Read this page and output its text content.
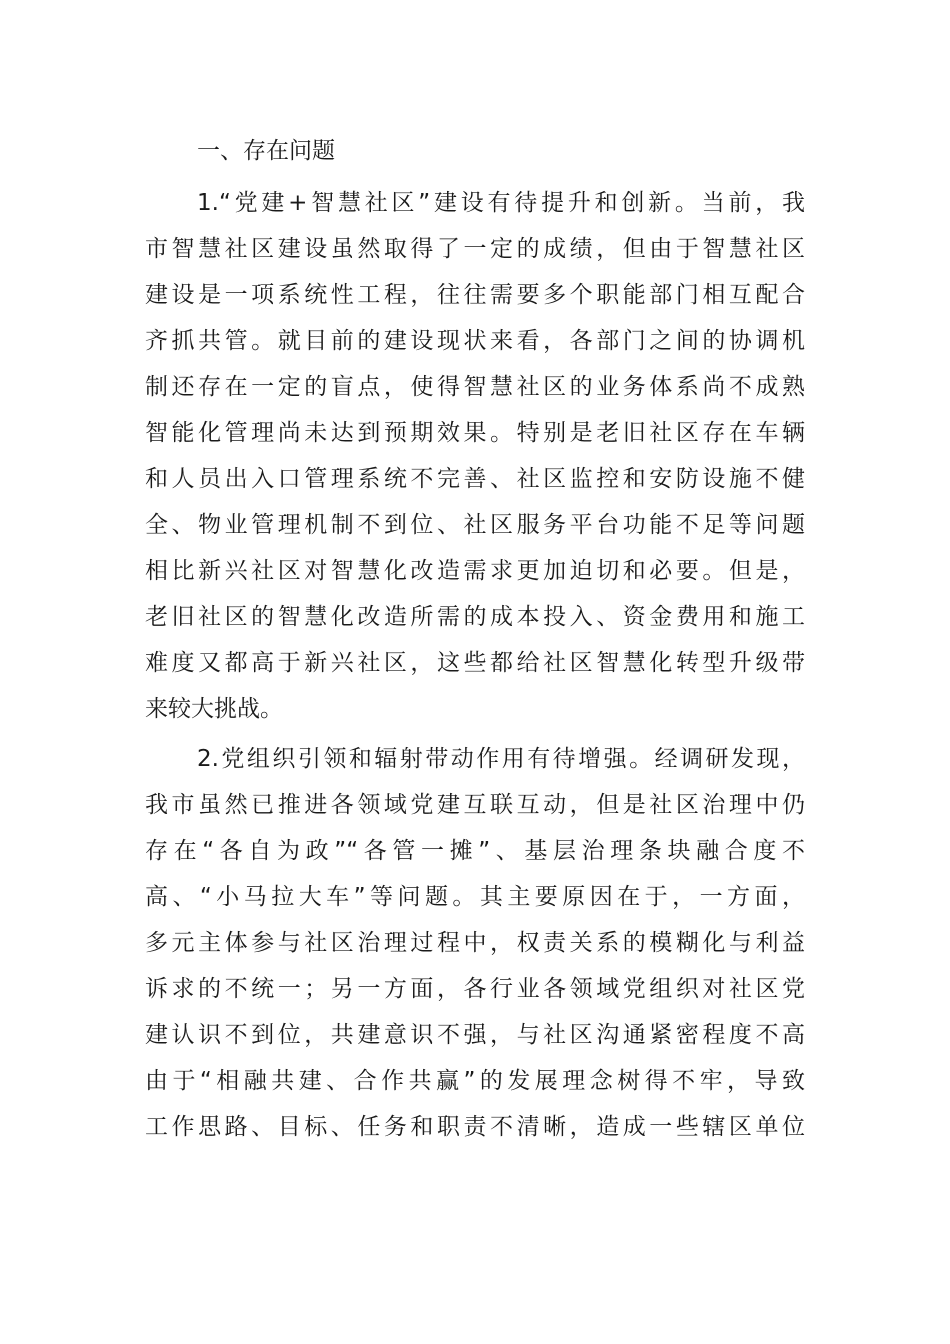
一、存在问题
1.“党建+智慧社区”建设有待提升和创新。当前，我
市智慧社区建设虽然取得了一定的成绩，但由于智慧社区
建设是一项系统性工程，往往需要多个职能部门相互配合
齐抓共管。就目前的建设现状来看，各部门之间的协调机
制还存在一定的盲点，使得智慧社区的业务体系尚不成熟
智能化管理尚未达到预期效果。特别是老旧社区存在车辆
和人员出入口管理系统不完善、社区监控和安防设施不健
全、物业管理机制不到位、社区服务平台功能不足等问题
相比新兴社区对智慧化改造需求更加迫切和必要。但是，
老旧社区的智慧化改造所需的成本投入、资金费用和施工
难度又都高于新兴社区，这些都给社区智慧化转型升级带
来较大挑战。
2.党组织引领和辐射带动作用有待增强。经调研发现，
我市虽然已推进各领域党建互联互动，但是社区治理中仍
存在“各自为政”“各管一摊”、基层治理条块融合度不
高、“小马拉大车”等问题。其主要原因在于，一方面，
多元主体参与社区治理过程中，权责关系的模糊化与利益
诉求的不统一；另一方面，各行业各领域党组织对社区党
建认识不到位，共建意识不强，与社区沟通紧密程度不高
由于“相融共建、合作共赢”的发展理念树得不牢，导致
工作思路、目标、任务和职责不清晰，造成一些辖区单位
